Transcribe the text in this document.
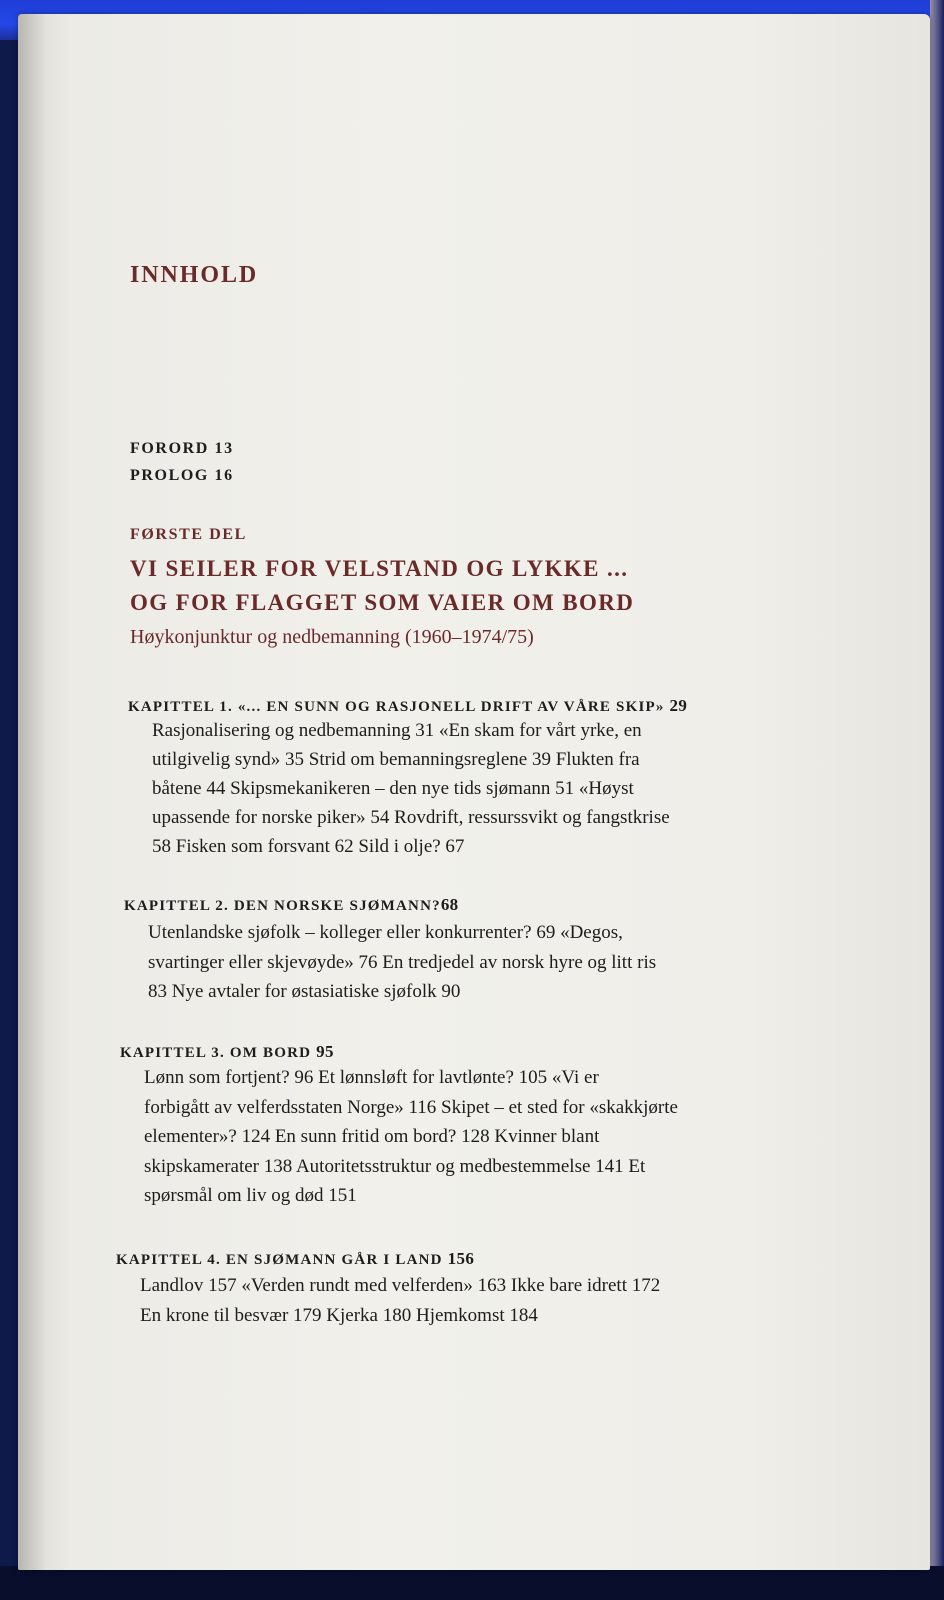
INNHOLD
FORORD 13
PROLOG 16
FØRSTE DEL
VI SEILER FOR VELSTAND OG LYKKE ...
OG FOR FLAGGET SOM VAIER OM BORD
Høykonjunktur og nedbemanning (1960–1974/75)
KAPITTEL 1. «... EN SUNN OG RASJONELL DRIFT AV VÅRE SKIP» 29
Rasjonalisering og nedbemanning 31 «En skam for vårt yrke, en
utilgivelig synd» 35 Strid om bemanningsreglene 39 Flukten fra
båtene 44 Skipsmekanikeren – den nye tids sjømann 51 «Høyst
upassende for norske piker» 54 Rovdrift, ressurssvikt og fangstkrise
58 Fisken som forsvant 62 Sild i olje? 67
KAPITTEL 2. DEN NORSKE SJØMANN?68
Utenlandske sjøfolk – kolleger eller konkurrenter? 69 «Degos,
svartinger eller skjevøyde» 76 En tredjedel av norsk hyre og litt ris
83 Nye avtaler for østasiatiske sjøfolk 90
KAPITTEL 3. OM BORD 95
Lønn som fortjent? 96 Et lønnsløft for lavtlønte? 105 «Vi er
forbigått av velferdsstaten Norge» 116 Skipet – et sted for «skakkjørte
elementer»? 124 En sunn fritid om bord? 128 Kvinner blant
skipskamerater 138 Autoritetsstruktur og medbestemmelse 141 Et
spørsmål om liv og død 151
KAPITTEL 4. EN SJØMANN GÅR I LAND 156
Landlov 157 «Verden rundt med velferden» 163 Ikke bare idrett 172
En krone til besvær 179 Kjerka 180 Hjemkomst 184
